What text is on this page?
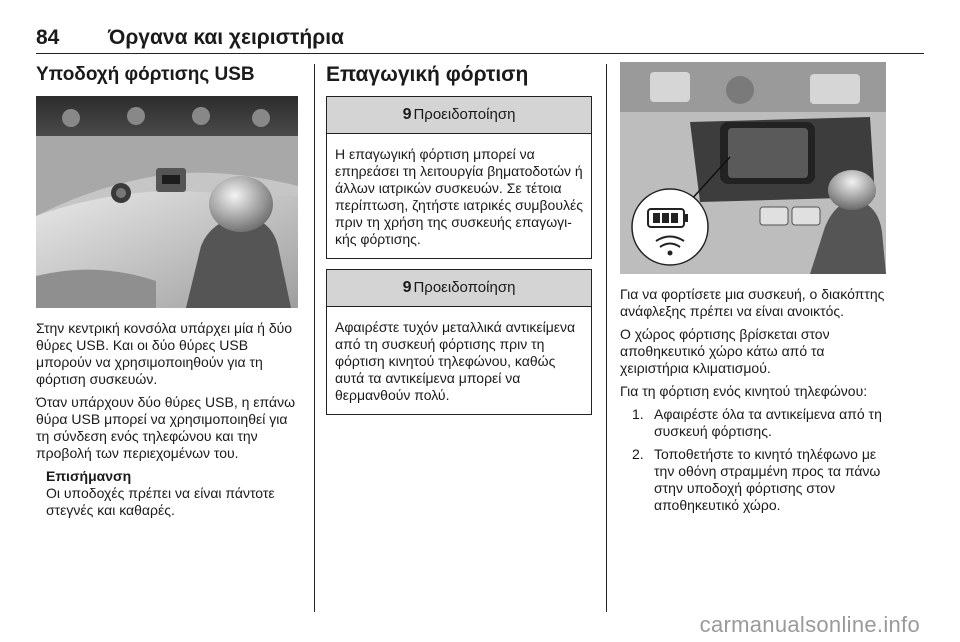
84 Όργανα και χειριστήρια
Υποδοχή φόρτισης USB

Στην κεντρική κονσόλα υπάρχει μία ή δύο θύρες USB. Και οι δύο θύρες USB μπορούν να χρησιμοποιηθούν για τη φόρτιση συσκευών.

Όταν υπάρχουν δύο θύρες USB, η επάνω θύρα USB μπορεί να χρησιμοποιηθεί για τη σύνδεση ενός τηλεφώνου και την προβολή των περιεχομένων του.

Επισήμανση
Οι υποδοχές πρέπει να είναι πάντοτε στεγνές και καθαρές.
Επαγωγική φόρτιση
9 Προειδοποίηση
Η επαγωγική φόρτιση μπορεί να επηρεάσει τη λειτουργία βηματοδοτών ή άλλων ιατρικών συσκευών. Σε τέτοια περίπτωση, ζητήστε ιατρικές συμβουλές πριν τη χρήση της συσκευής επαγωγικής φόρτισης.
9 Προειδοποίηση
Αφαιρέστε τυχόν μεταλλικά αντικείμενα από τη συσκευή φόρτισης πριν τη φόρτιση κινητού τηλεφώνου, καθώς αυτά τα αντικείμενα μπορεί να θερμανθούν πολύ.

Για να φορτίσετε μια συσκευή, ο διακόπτης ανάφλεξης πρέπει να είναι ανοικτός.

Ο χώρος φόρτισης βρίσκεται στον αποθηκευτικό χώρο κάτω από τα χειριστήρια κλιματισμού.

Για τη φόρτιση ενός κινητού τηλεφώνου:

1. Αφαιρέστε όλα τα αντικείμενα από τη συσκευή φόρτισης.
2. Τοποθετήστε το κινητό τηλέφωνο με την οθόνη στραμμένη προς τα πάνω στην υποδοχή φόρτισης στον αποθηκευτικό χώρο.
carmanualsonline.info
